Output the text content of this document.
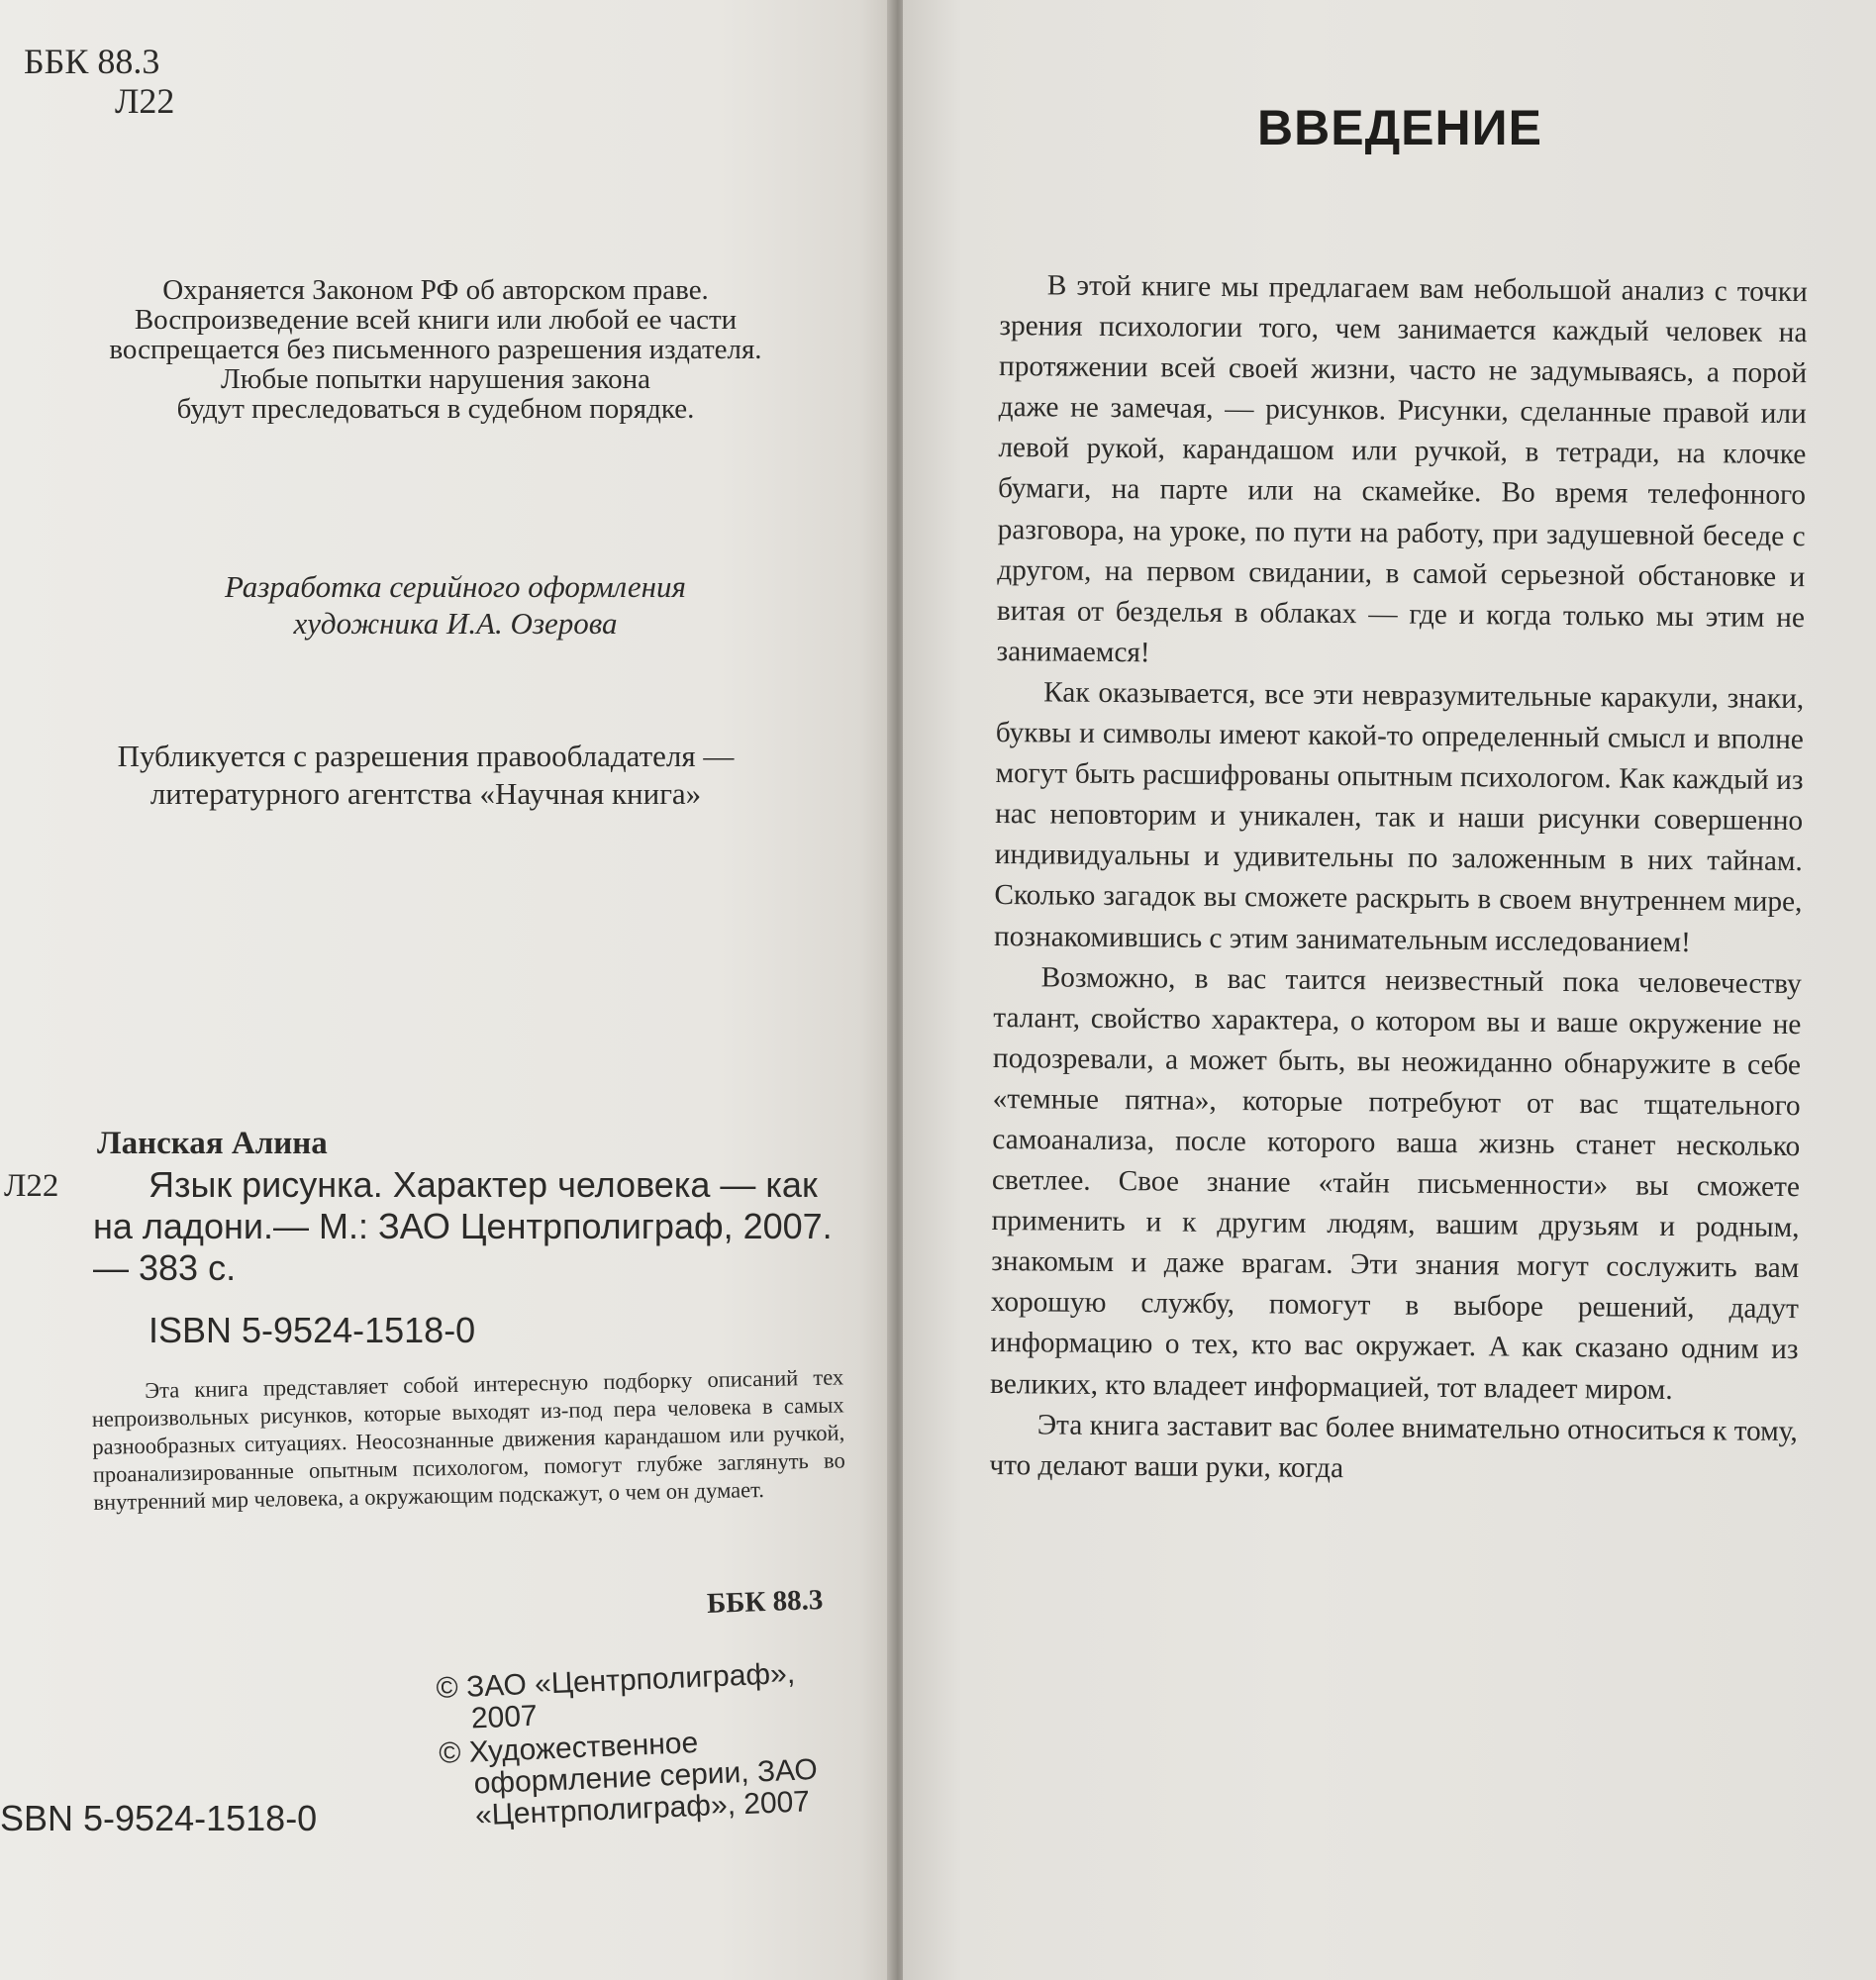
ББК 88.3
Л22
Охраняется Законом РФ об авторском праве.
Воспроизведение всей книги или любой ее части
воспрещается без письменного разрешения издателя.
Любые попытки нарушения закона
будут преследоваться в судебном порядке.
Разработка серийного оформления
художника И.А. Озерова
Публикуется с разрешения правообладателя —
литературного агентства «Научная книга»
Ланская Алина
Л22	Язык рисунка. Характер человека — как на ладони.— М.: ЗАО Центрполиграф, 2007. — 383 с.
ISBN 5-9524-1518-0
Эта книга представляет собой интересную подборку описаний тех непроизвольных рисунков, которые выходят из-под пера человека в самых разнообразных ситуациях. Неосознанные движения карандашом или ручкой, проанализированные опытным психологом, помогут глубже заглянуть во внутренний мир человека, а окружающим подскажут, о чем он думает.
ББК 88.3

© ЗАО «Центрполиграф», 2007

© Художественное оформление серии, ЗАО «Центрполиграф», 2007

SBN 5-9524-1518-0
ВВЕДЕНИЕ

В этой книге мы предлагаем вам небольшой анализ с точки зрения психологии того, чем занимается каждый человек на протяжении всей своей жизни, часто не задумываясь, а порой даже не замечая, — рисунков. Рисунки, сделанные правой или левой рукой, карандашом или ручкой, в тетради, на клочке бумаги, на парте или на скамейке. Во время телефонного разговора, на уроке, по пути на работу, при задушевной беседе с другом, на первом свидании, в самой серьезной обстановке и витая от безделья в облаках — где и когда только мы этим не занимаемся!

Как оказывается, все эти невразумительные каракули, знаки, буквы и символы имеют какой-то определенный смысл и вполне могут быть расшифрованы опытным психологом. Как каждый из нас неповторим и уникален, так и наши рисунки совершенно индивидуальны и удивительны по заложенным в них тайнам. Сколько загадок вы сможете раскрыть в своем внутреннем мире, познакомившись с этим занимательным исследованием!

Возможно, в вас таится неизвестный пока человечеству талант, свойство характера, о котором вы и ваше окружение не подозревали, а может быть, вы неожиданно обнаружите в себе «темные пятна», которые потребуют от вас тщательного самоанализа, после которого ваша жизнь станет несколько светлее. Свое знание «тайн письменности» вы сможете применить и к другим людям, вашим друзьям и родным, знакомым и даже врагам. Эти знания могут сослужить вам хорошую службу, помогут в выборе решений, дадут информацию о тех, кто вас окружает. А как сказано одним из великих, кто владеет информацией, тот владеет миром.

Эта книга заставит вас более внимательно относиться к тому, что делают ваши руки, когда
